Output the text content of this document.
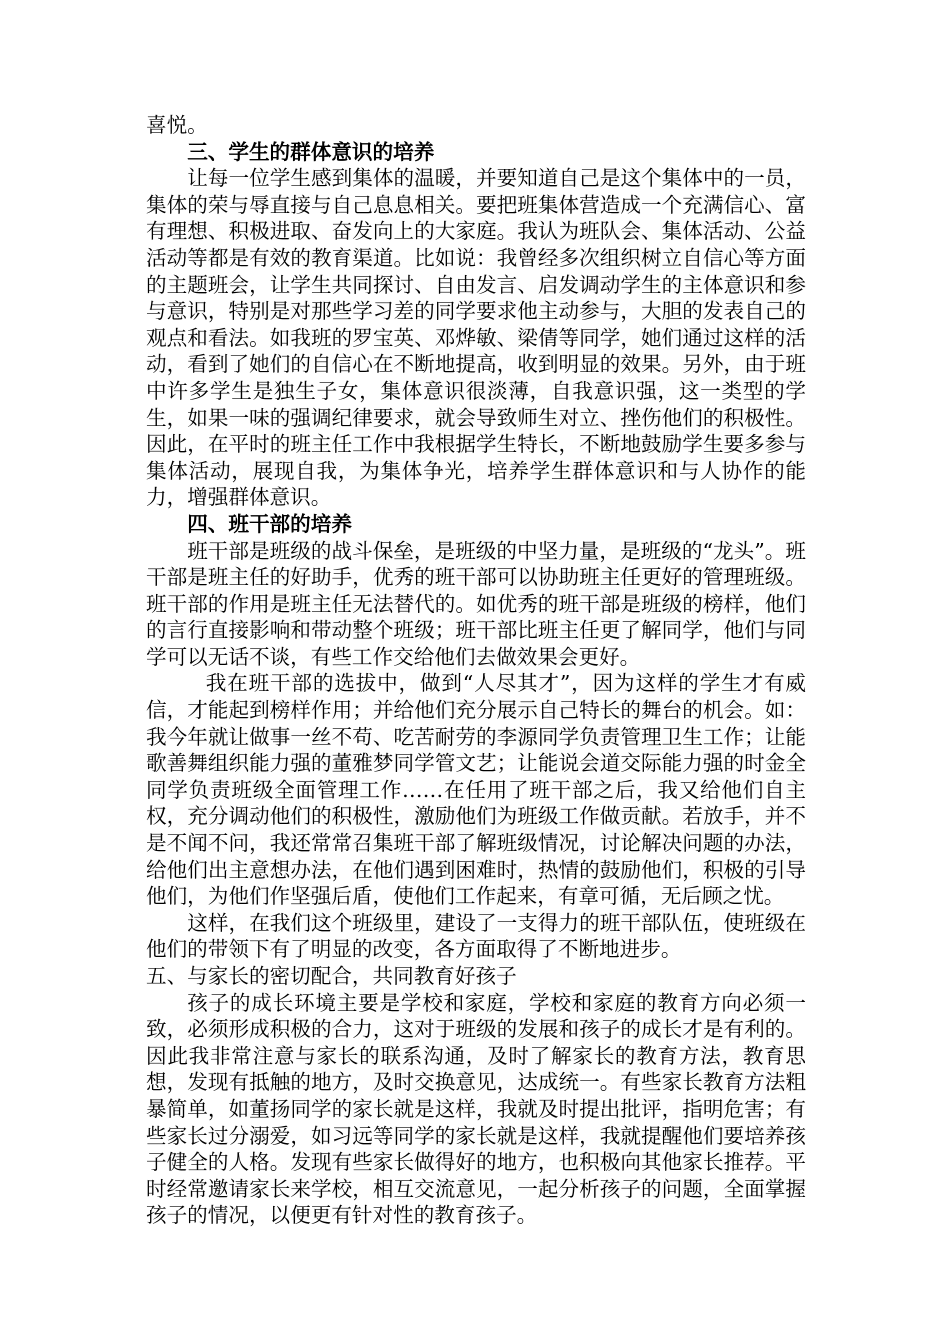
喜悦。

三、学生的群体意识的培养

让每一位学生感到集体的温暖，并要知道自己是这个集体中的一员，集体的荣与辱直接与自己息息相关。要把班集体营造成一个充满信心、富有理想、积极进取、奋发向上的大家庭。我认为班队会、集体活动、公益活动等都是有效的教育渠道。比如说：我曾经多次组织树立自信心等方面的主题班会，让学生共同探讨、自由发言、启发调动学生的主体意识和参与意识，特别是对那些学习差的同学要求他主动参与，大胆的发表自己的观点和看法。如我班的罗宝英、邓烨敏、梁倩等同学，她们通过这样的活动，看到了她们的自信心在不断地提高，收到明显的效果。另外，由于班中许多学生是独生子女，集体意识很淡薄，自我意识强，这一类型的学生，如果一味的强调纪律要求，就会导致师生对立、挫伤他们的积极性。因此，在平时的班主任工作中我根据学生特长，不断地鼓励学生要多参与集体活动，展现自我，为集体争光，培养学生群体意识和与人协作的能力，增强群体意识。

四、班干部的培养

班干部是班级的战斗保垒，是班级的中坚力量，是班级的“龙头”。班干部是班主任的好助手，优秀的班干部可以协助班主任更好的管理班级。班干部的作用是班主任无法替代的。如优秀的班干部是班级的榜样，他们的言行直接影响和带动整个班级；班干部比班主任更了解同学，他们与同学可以无话不谈，有些工作交给他们去做效果会更好。

我在班干部的选拔中，做到“人尽其才”，因为这样的学生才有威信，才能起到榜样作用；并给他们充分展示自己特长的舞台的机会。如：我今年就让做事一丝不苟、吃苦耐劳的李源同学负责管理卫生工作；让能歌善舞组织能力强的董雅梦同学管文艺；让能说会道交际能力强的时金全同学负责班级全面管理工作……在任用了班干部之后，我又给他们自主权，充分调动他们的积极性，激励他们为班级工作做贡献。若放手，并不是不闻不问，我还常常召集班干部了解班级情况，讨论解决问题的办法，给他们出主意想办法，在他们遇到困难时，热情的鼓励他们，积极的引导他们，为他们作坚强后盾，使他们工作起来，有章可循，无后顾之忧。

这样，在我们这个班级里，建设了一支得力的班干部队伍，使班级在他们的带领下有了明显的改变，各方面取得了不断地进步。

五、与家长的密切配合，共同教育好孩子

孩子的成长环境主要是学校和家庭，学校和家庭的教育方向必须一致，必须形成积极的合力，这对于班级的发展和孩子的成长才是有利的。因此我非常注意与家长的联系沟通，及时了解家长的教育方法，教育思想，发现有抵触的地方，及时交换意见，达成统一。有些家长教育方法粗暴简单，如董扬同学的家长就是这样，我就及时提出批评，指明危害；有些家长过分溺爱，如习远等同学的家长就是这样，我就提醒他们要培养孩子健全的人格。发现有些家长做得好的地方，也积极向其他家长推荐。平时经常邀请家长来学校，相互交流意见，一起分析孩子的问题，全面掌握孩子的情况，以便更有针对性的教育孩子。
